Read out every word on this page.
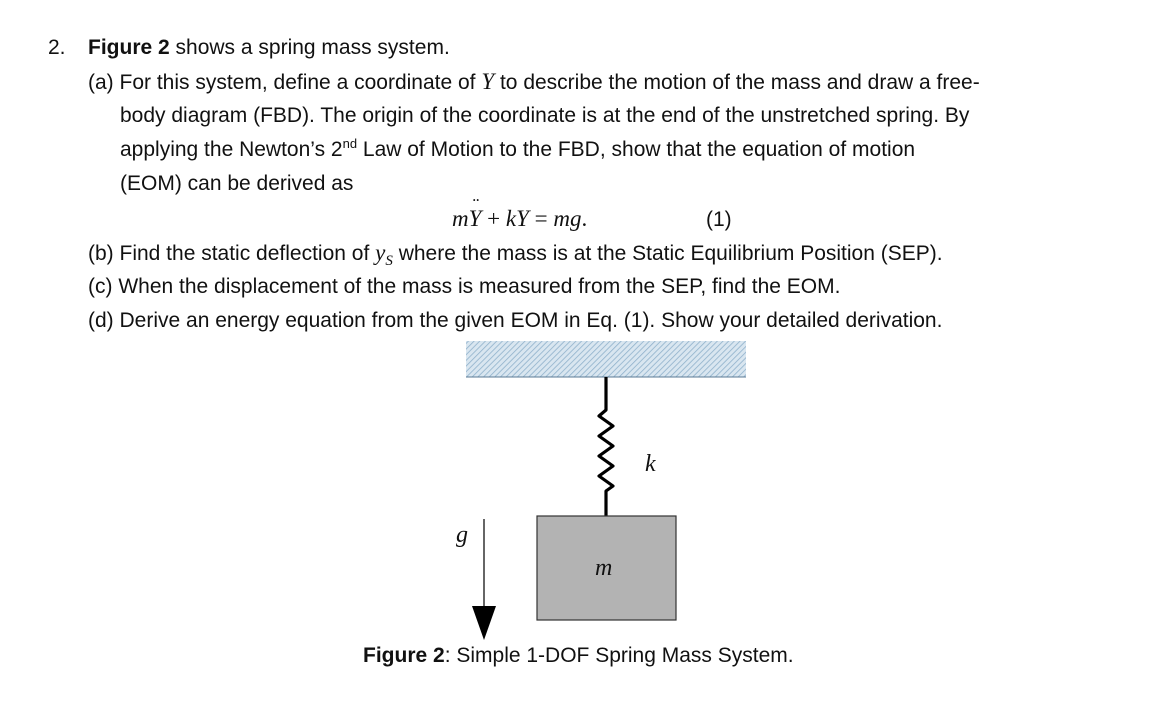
2. Figure 2 shows a spring mass system.
(a) For this system, define a coordinate of Y to describe the motion of the mass and draw a free-
body diagram (FBD). The origin of the coordinate is at the end of the unstretched spring. By
applying the Newton’s 2nd Law of Motion to the FBD, show that the equation of motion
(EOM) can be derived as
m¨ Y + kY = mg.	(1)
(b) Find the static deflection of $y_S$ where the mass is at the Static Equilibrium Position (SEP).
(c) When the displacement of the mass is measured from the SEP, find the EOM.
(d) Derive an energy equation from the given EOM in Eq. (1). Show your detailed derivation.
k
m
g
Figure 2: Simple 1-DOF Spring Mass System.
